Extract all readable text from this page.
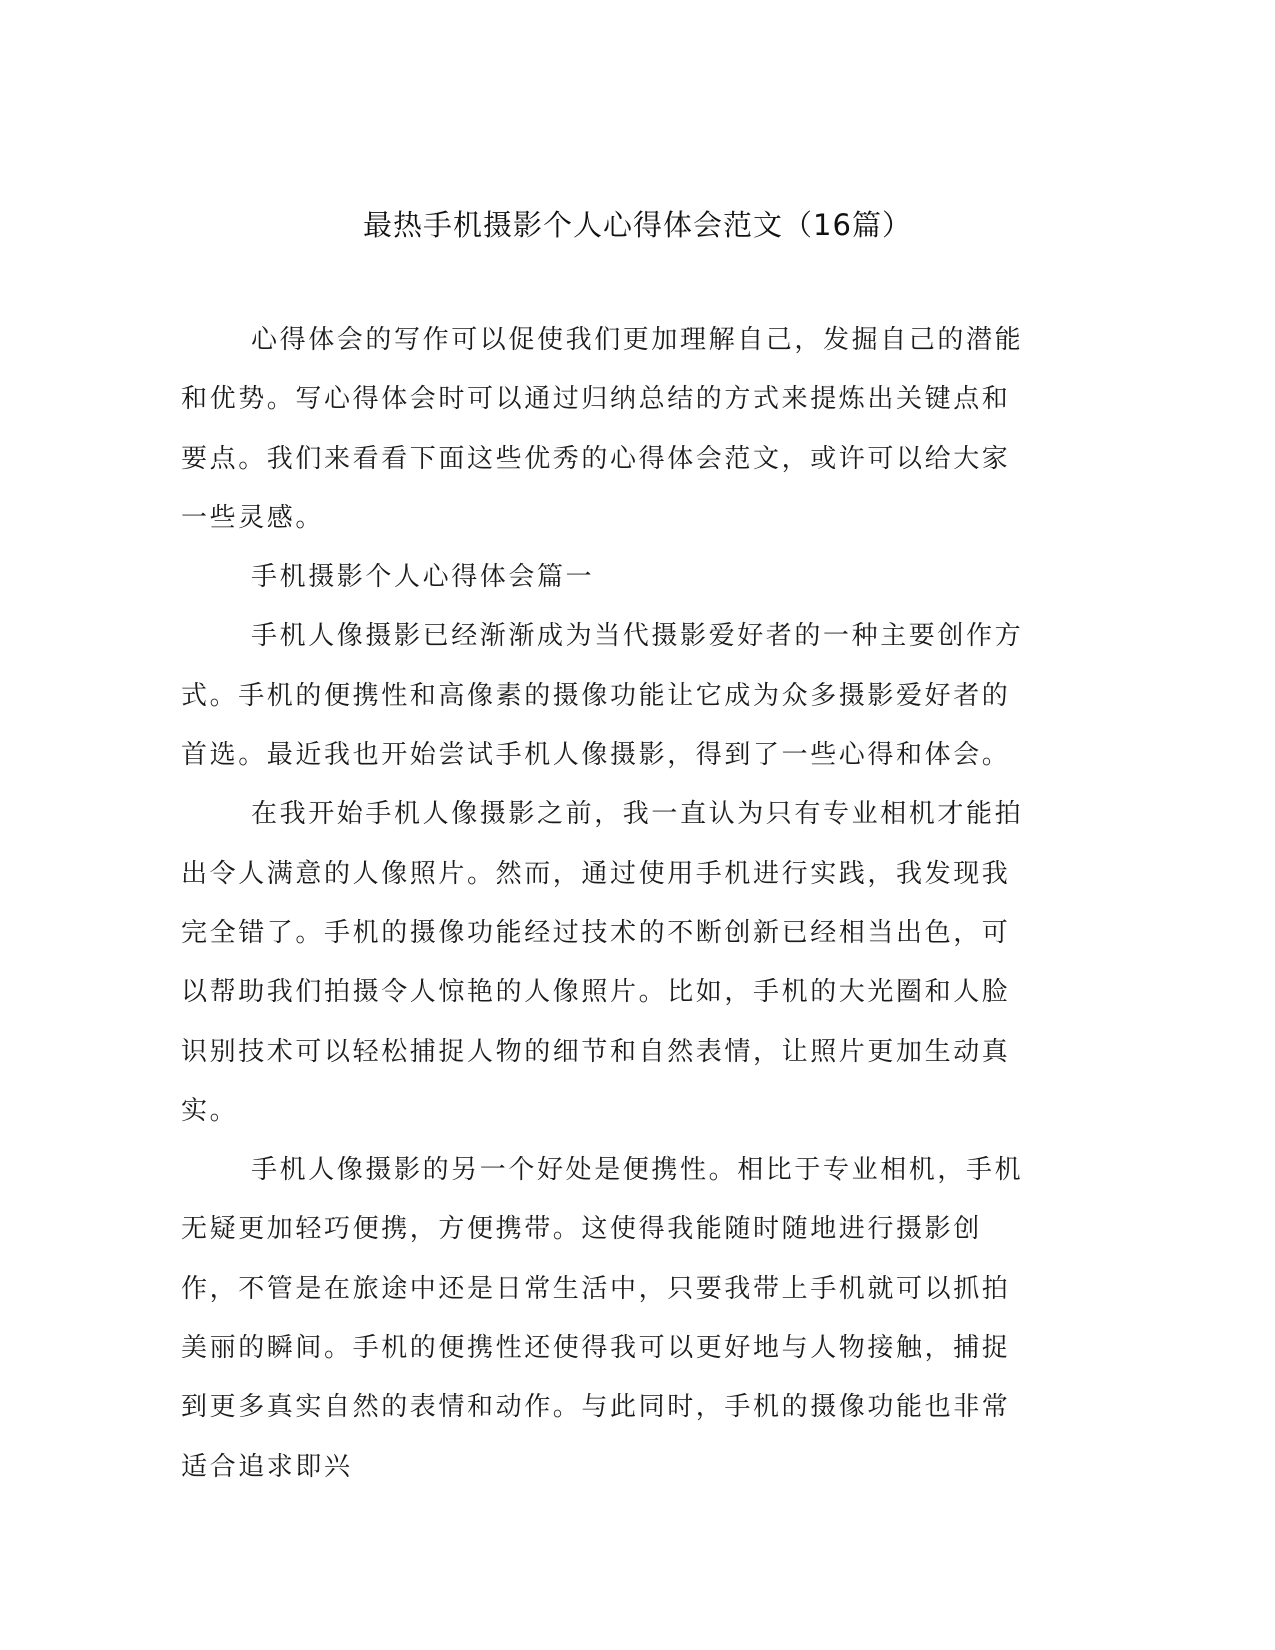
最热手机摄影个人心得体会范文（16篇）

心得体会的写作可以促使我们更加理解自己，发掘自己的潜能和优势。写心得体会时可以通过归纳总结的方式来提炼出关键点和要点。我们来看看下面这些优秀的心得体会范文，或许可以给大家一些灵感。

手机摄影个人心得体会篇一

手机人像摄影已经渐渐成为当代摄影爱好者的一种主要创作方式。手机的便携性和高像素的摄像功能让它成为众多摄影爱好者的首选。最近我也开始尝试手机人像摄影，得到了一些心得和体会。

在我开始手机人像摄影之前，我一直认为只有专业相机才能拍出令人满意的人像照片。然而，通过使用手机进行实践，我发现我完全错了。手机的摄像功能经过技术的不断创新已经相当出色，可以帮助我们拍摄令人惊艳的人像照片。比如，手机的大光圈和人脸识别技术可以轻松捕捉人物的细节和自然表情，让照片更加生动真实。

手机人像摄影的另一个好处是便携性。相比于专业相机，手机无疑更加轻巧便携，方便携带。这使得我能随时随地进行摄影创作，不管是在旅途中还是日常生活中，只要我带上手机就可以抓拍美丽的瞬间。手机的便携性还使得我可以更好地与人物接触，捕捉到更多真实自然的表情和动作。与此同时，手机的摄像功能也非常适合追求即兴
